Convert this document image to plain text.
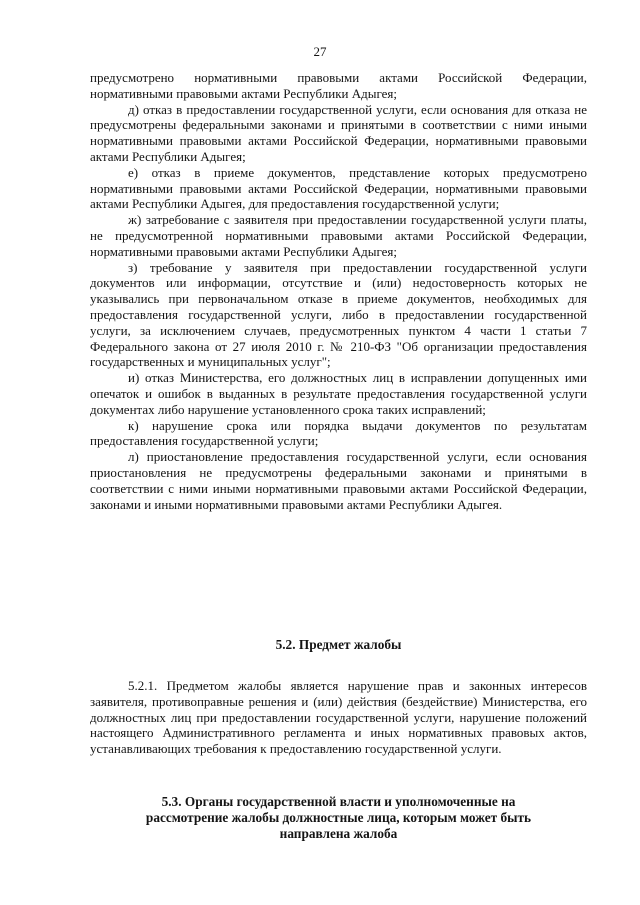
27

предусмотрено нормативными правовыми актами Российской Федерации, нормативными правовыми актами Республики Адыгея;

д) отказ в предоставлении государственной услуги, если основания для отказа не предусмотрены федеральными законами и принятыми в соответствии с ними иными нормативными правовыми актами Российской Федерации, нормативными правовыми актами Республики Адыгея;

е) отказ в приеме документов, представление которых предусмотрено нормативными правовыми актами Российской Федерации, нормативными правовыми актами Республики Адыгея, для предоставления государственной услуги;

ж) затребование с заявителя при предоставлении государственной услуги платы, не предусмотренной нормативными правовыми актами Российской Федерации, нормативными правовыми актами Республики Адыгея;

з) требование у заявителя при предоставлении государственной услуги документов или информации, отсутствие и (или) недостоверность которых не указывались при первоначальном отказе в приеме документов, необходимых для предоставления государственной услуги, либо в предоставлении государственной услуги, за исключением случаев, предусмотренных пунктом 4 части 1 статьи 7 Федерального закона от 27 июля 2010 г. № 210-ФЗ "Об организации предоставления государственных и муниципальных услуг";

и) отказ Министерства, его должностных лиц в исправлении допущенных ими опечаток и ошибок в выданных в результате предоставления государственной услуги документах либо нарушение установленного срока таких исправлений;

к) нарушение срока или порядка выдачи документов по результатам предоставления государственной услуги;

л) приостановление предоставления государственной услуги, если основания приостановления не предусмотрены федеральными законами и принятыми в соответствии с ними иными нормативными правовыми актами Российской Федерации, законами и иными нормативными правовыми актами Республики Адыгея.

5.2. Предмет жалобы

5.2.1. Предметом жалобы является нарушение прав и законных интересов заявителя, противоправные решения и (или) действия (бездействие) Министерства, его должностных лиц при предоставлении государственной услуги, нарушение положений настоящего Административного регламента и иных нормативных правовых актов, устанавливающих требования к предоставлению государственной услуги.

5.3. Органы государственной власти и уполномоченные на рассмотрение жалобы должностные лица, которым может быть направлена жалоба
